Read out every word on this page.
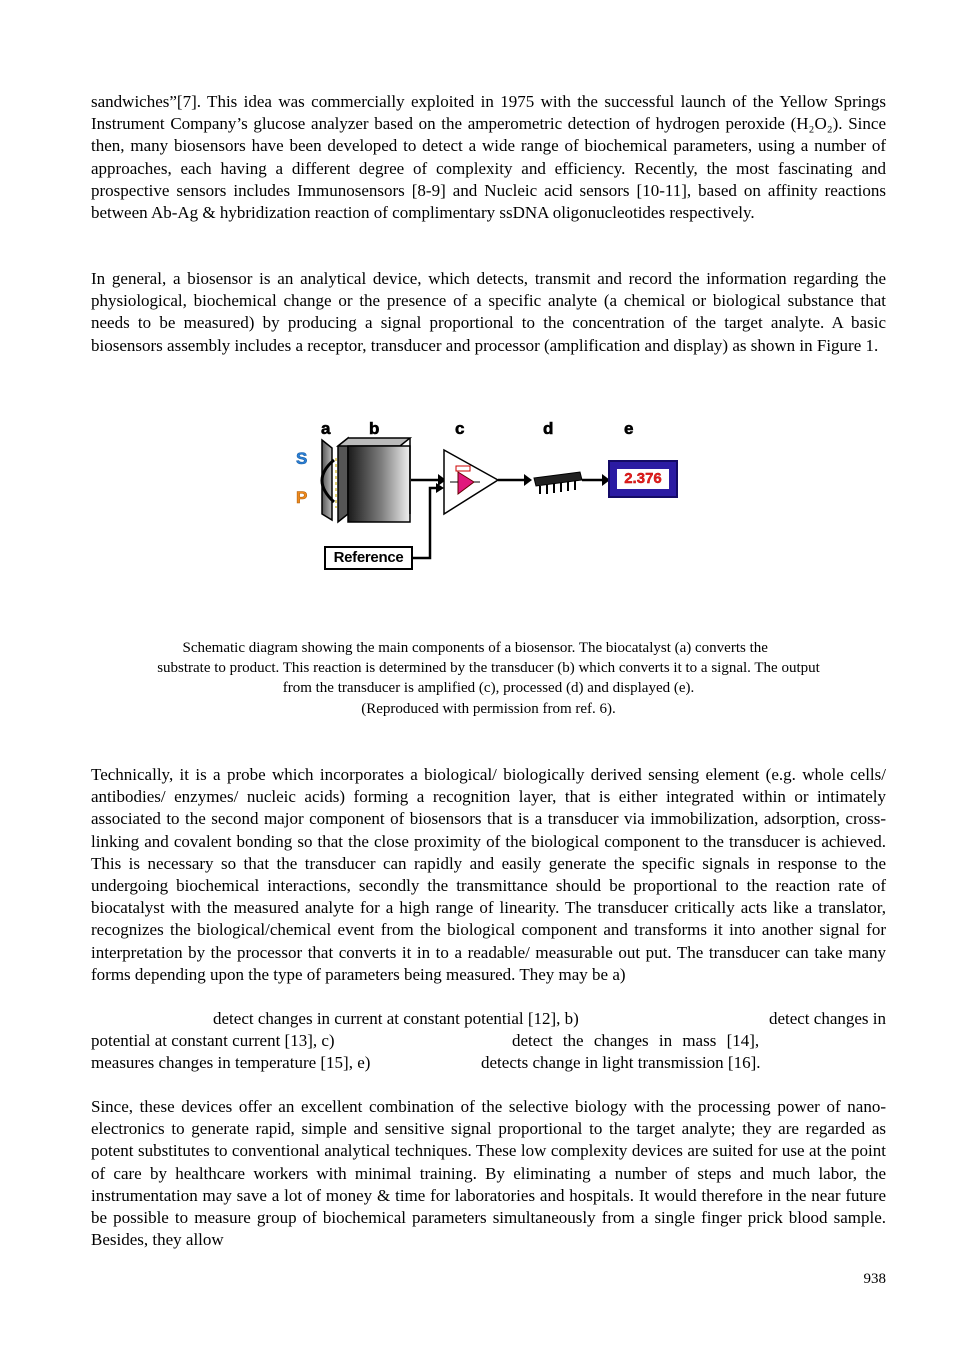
sandwiches”[7]. This idea was commercially exploited in 1975 with the successful launch of the Yellow Springs Instrument Company’s glucose analyzer based on the amperometric detection of hydrogen peroxide (H₂O₂). Since then, many biosensors have been developed to detect a wide range of biochemical parameters, using a number of approaches, each having a different degree of complexity and efficiency. Recently, the most fascinating and prospective sensors includes Immunosensors [8-9] and Nucleic acid sensors [10-11], based on affinity reactions between Ab-Ag & hybridization reaction of complimentary ssDNA oligonucleotides respectively.

In general, a biosensor is an analytical device, which detects, transmit and record the information regarding the physiological, biochemical change or the presence of a specific analyte (a chemical or biological substance that needs to be measured) by producing a signal proportional to the concentration of the target analyte. A basic biosensors assembly includes a receptor, transducer and processor (amplification and display) as shown in Figure 1.

a b	c	d	e
S
P
2.376
Reference

Schematic diagram showing the main components of a biosensor. The biocatalyst (a) converts the

substrate to product. This reaction is determined by the transducer (b) which converts it to a signal. The output

from the transducer is amplified (c), processed (d) and displayed (e).

(Reproduced with permission from ref. 6).

Technically, it is a probe which incorporates a biological/ biologically derived sensing element (e.g. whole cells/ antibodies/ enzymes/ nucleic acids) forming a recognition layer, that is either integrated within or intimately associated to the second major component of biosensors that is a transducer via immobilization, adsorption, cross-linking and covalent bonding so that the close proximity of the biological component to the transducer is achieved. This is necessary so that the transducer can rapidly and easily generate the specific signals in response to the undergoing biochemical interactions, secondly the transmittance should be proportional to the reaction rate of biocatalyst with the measured analyte for a high range of linearity. The transducer critically acts like a translator, recognizes the biological/chemical event from the biological component and transforms it into another signal for interpretation by the processor that converts it in to a readable/ measurable out put. The transducer can take many forms depending upon the type of parameters being measured. They may be a)

detect changes in current at constant potential [12], b)	detect changes in
potential at constant current [13], c)	detect the changes in mass [14],
measures changes in temperature [15], e)	detects change in light transmission [16].

Since, these devices offer an excellent combination of the selective biology with the processing power of nano-electronics to generate rapid, simple and sensitive signal proportional to the target analyte; they are regarded as potent substitutes to conventional analytical techniques. These low complexity devices are suited for use at the point of care by healthcare workers with minimal training. By eliminating a number of steps and much labor, the instrumentation may save a lot of money & time for laboratories and hospitals. It would therefore in the near future be possible to measure group of biochemical parameters simultaneously from a single finger prick blood sample. Besides, they allow

938
